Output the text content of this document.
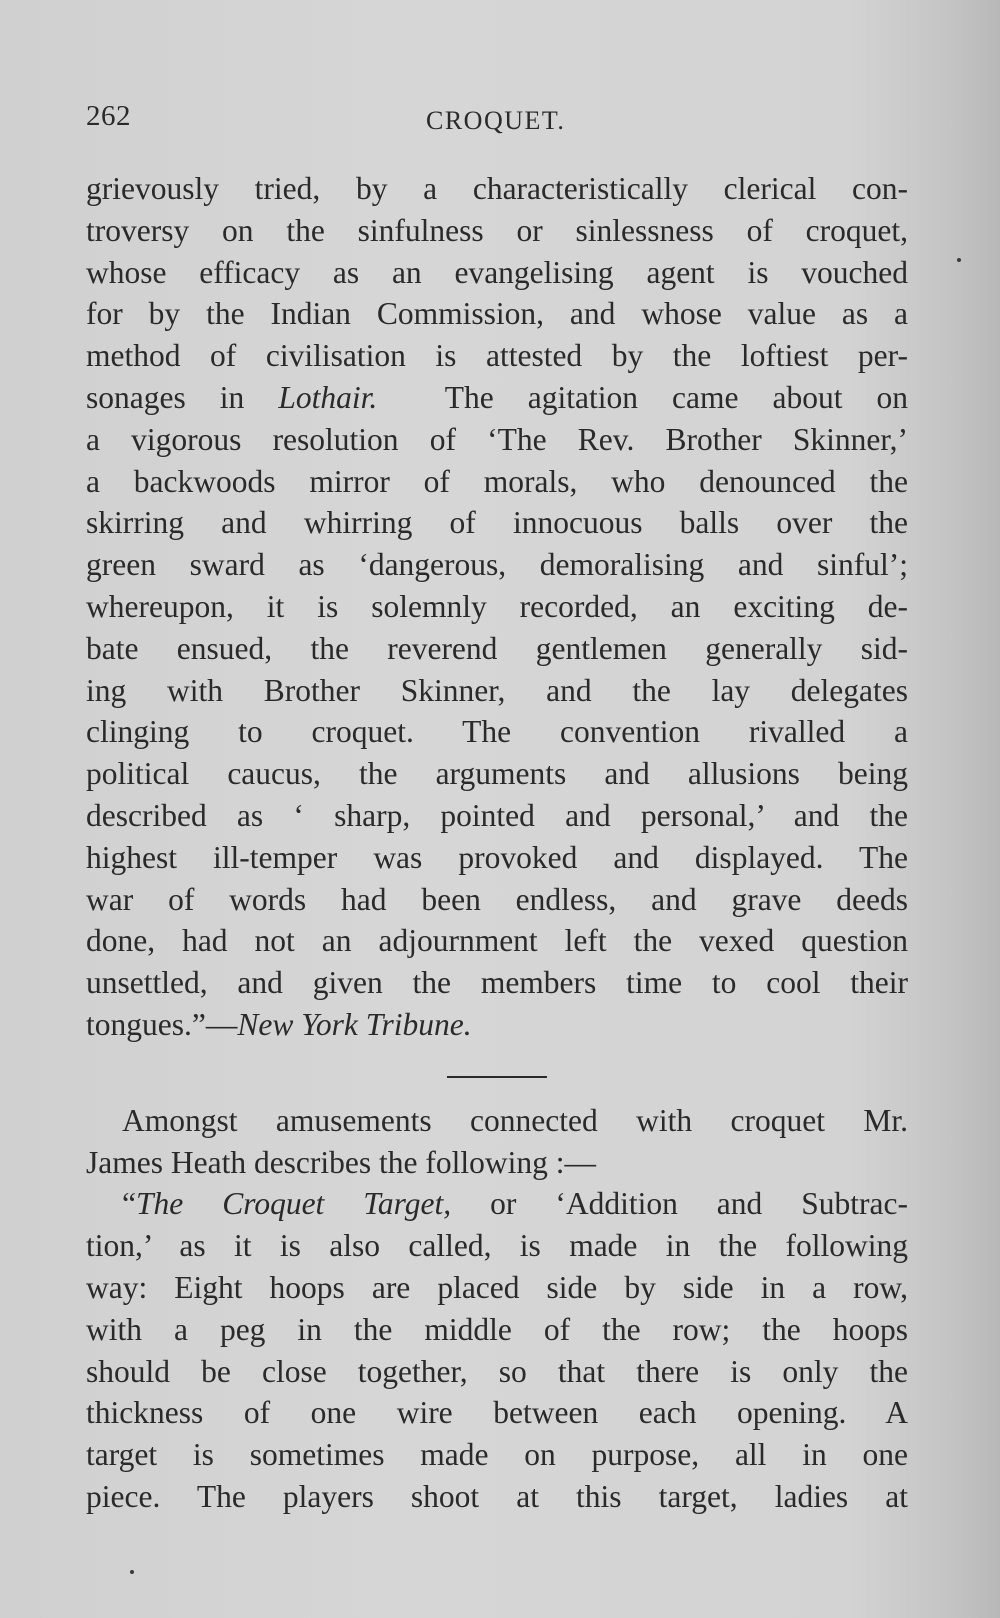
262	CROQUET.
grievously tried, by a characteristically clerical con-
troversy on the sinfulness or sinlessness of croquet,
whose efficacy as an evangelising agent is vouched
for by the Indian Commission, and whose value as a
method of civilisation is attested by the loftiest per-
sonages in Lothair. The agitation came about on
a vigorous resolution of ‘The Rev. Brother Skinner,’
a backwoods mirror of morals, who denounced the
skirring and whirring of innocuous balls over the
green sward as ‘dangerous, demoralising and sinful’;
whereupon, it is solemnly recorded, an exciting de-
bate ensued, the reverend gentlemen generally sid-
ing with Brother Skinner, and the lay delegates
clinging to croquet. The convention rivalled a
political caucus, the arguments and allusions being
described as ‘ sharp, pointed and personal,’ and the
highest ill-temper was provoked and displayed. The
war of words had been endless, and grave deeds
done, had not an adjournment left the vexed question
unsettled, and given the members time to cool their
tongues.”—New York Tribune.
Amongst amusements connected with croquet Mr.
James Heath describes the following :—
“The Croquet Target, or ‘Addition and Subtrac-
tion,’ as it is also called, is made in the following
way: Eight hoops are placed side by side in a row,
with a peg in the middle of the row; the hoops
should be close together, so that there is only the
thickness of one wire between each opening. A
target is sometimes made on purpose, all in one
piece. The players shoot at this target, ladies at
